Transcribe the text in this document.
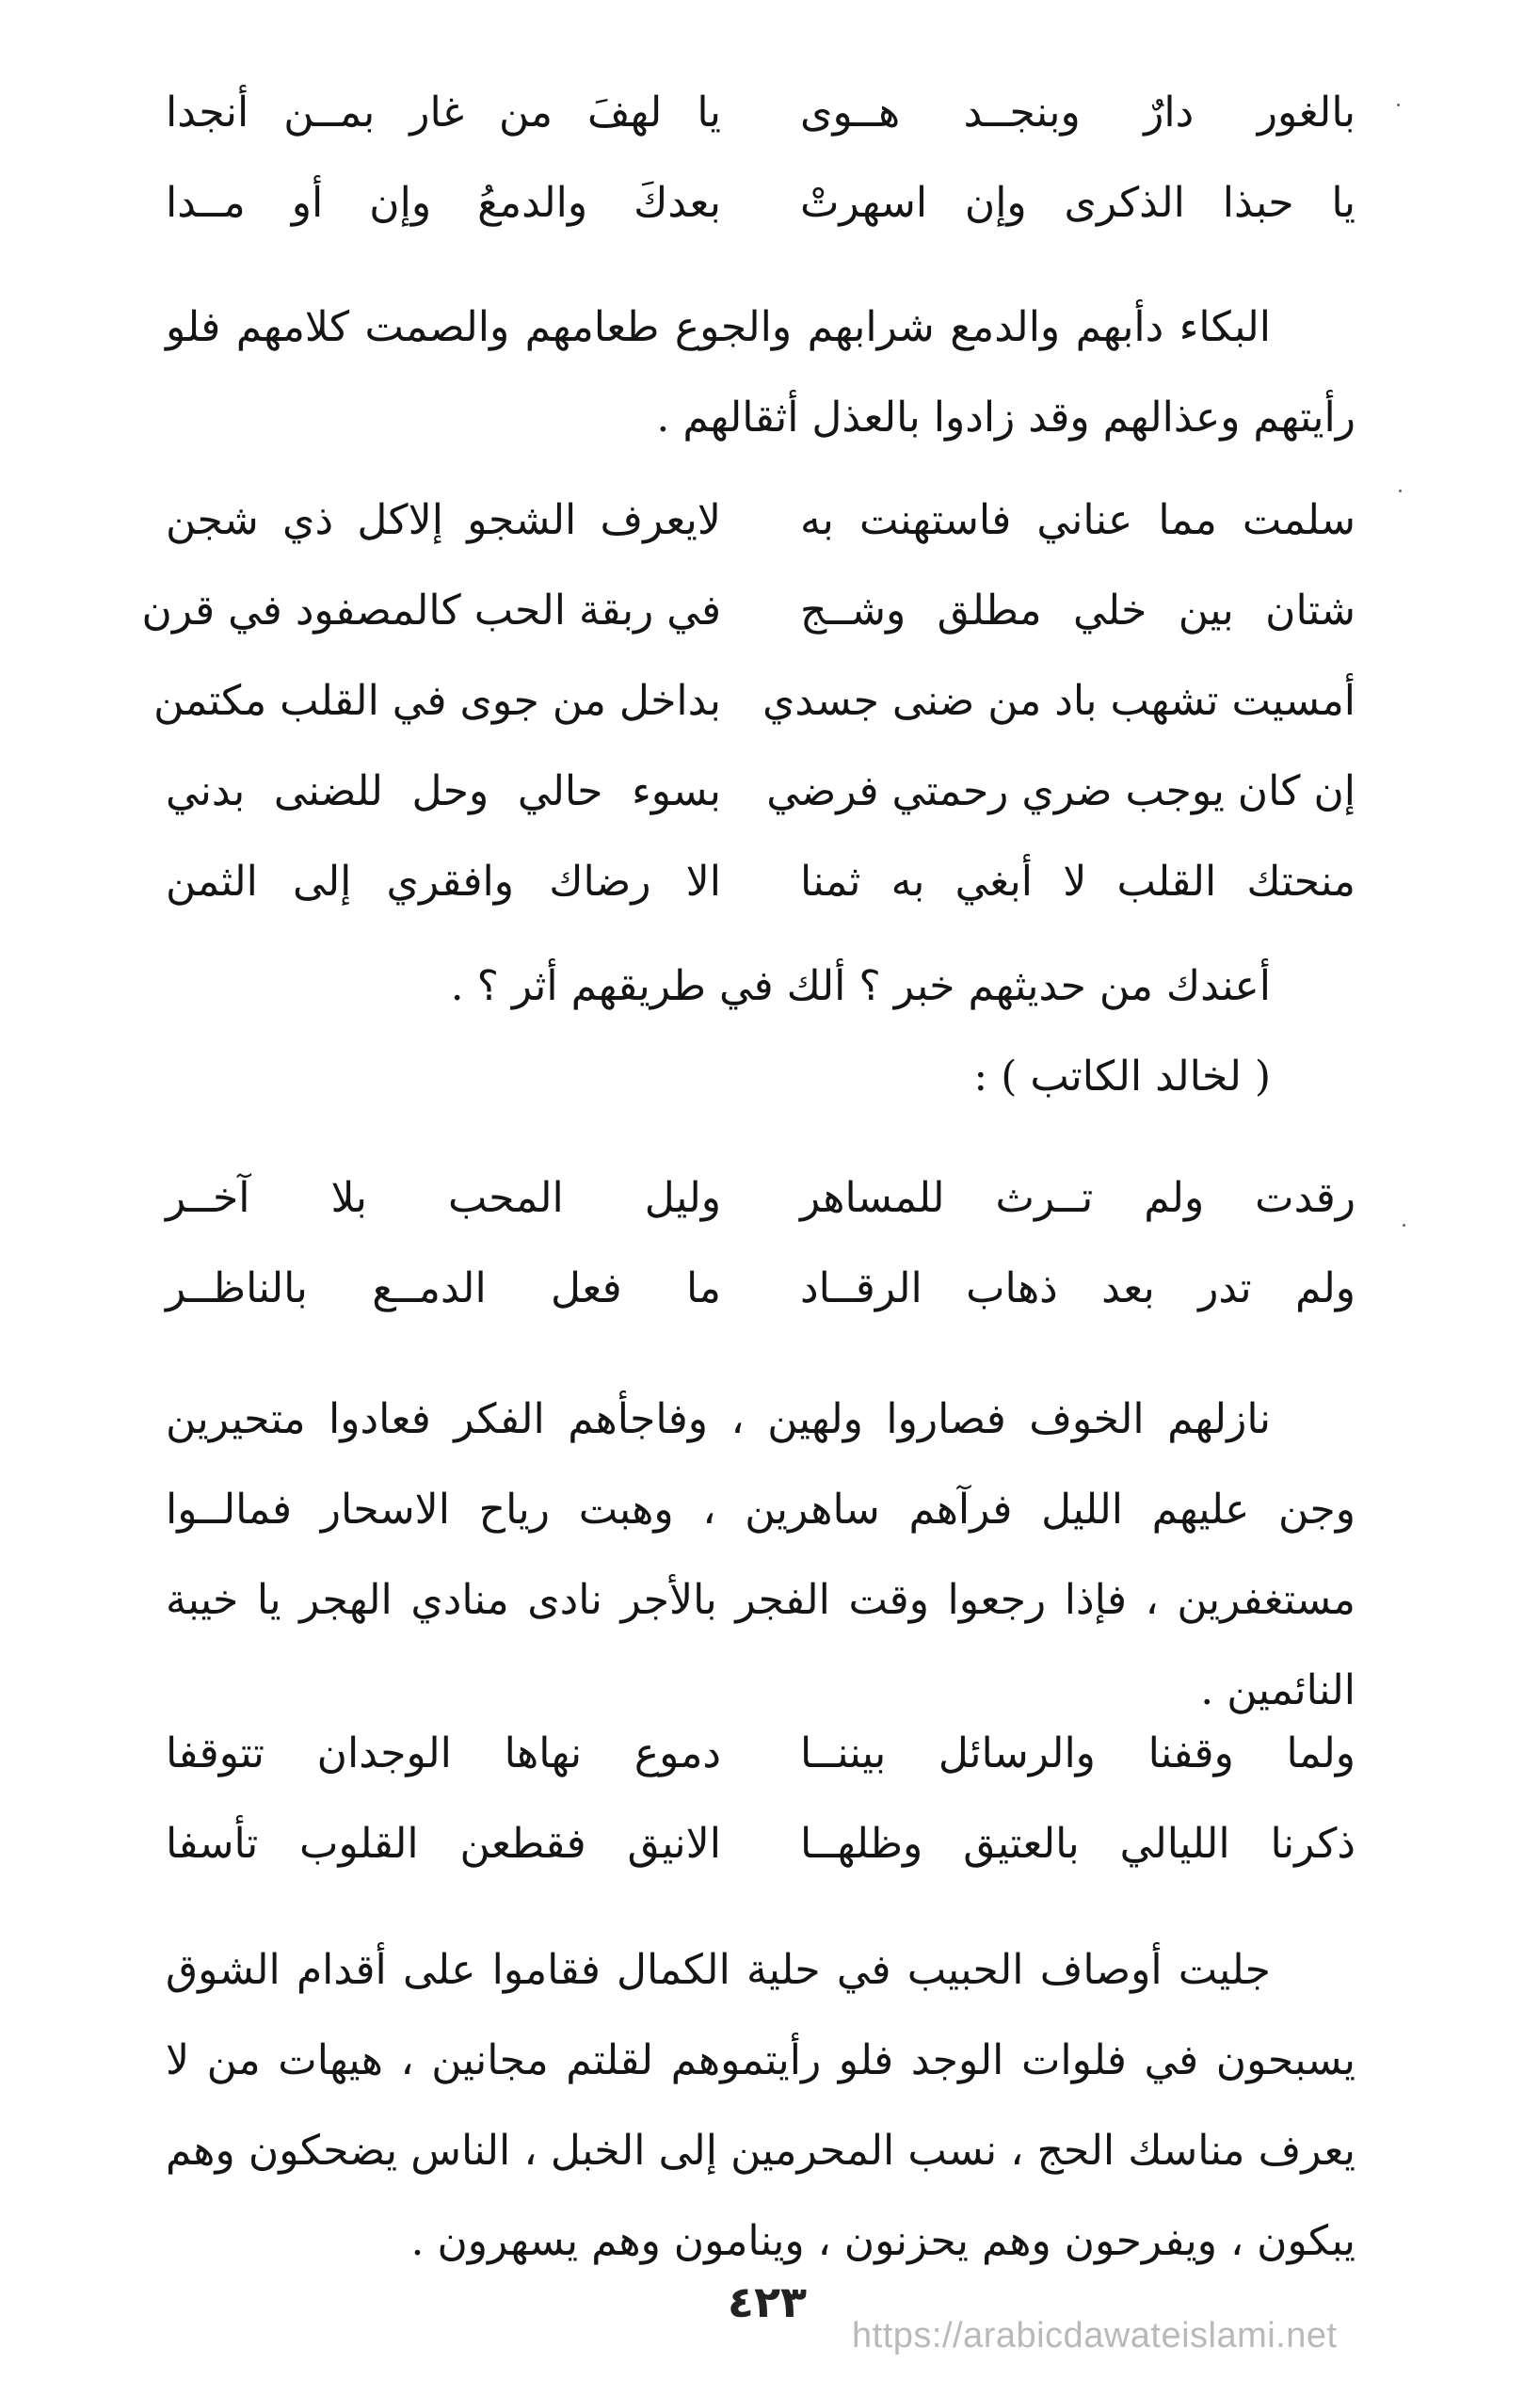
بالغور دارٌ وبنجــد هــوى
يا لهفَ من غار بمــن أنجدا
يا حبذا الذكرى وإن اسهرتْ
بعدكَ والدمعُ وإن أو مــدا

البكاء دأبهم والدمع شرابهم والجوع طعامهم والصمت كلامهم فلو رأيتهم وعذالهم وقد زادوا بالعذل أثقالهم .

سلمت مما عناني فاستهنت به
لايعرف الشجو إلاكل ذي شجن
شتان بين خلي مطلق وشــج
في ربقة الحب كالمصفود في قرن
أمسيت تشهب باد من ضنى جسدي
بداخل من جوى في القلب مكتمن
إن كان يوجب ضري رحمتي فرضي
بسوء حالي وحل للضنى بدني
منحتك القلب لا أبغي به ثمنا
الا رضاك وافقري إلى الثمن

أعندك من حديثهم خبر ؟ ألك في طريقهم أثر ؟ .

( لخالد الكاتب ) :

رقدت ولم تــرث للمساهر
وليل المحب بلا آخــر
ولم تدر بعد ذهاب الرقــاد
ما فعل الدمــع بالناظــر

نازلهم الخوف فصاروا ولهين ، وفاجأهم الفكر فعادوا متحيرين وجن عليهم الليل فرآهم ساهرين ، وهبت رياح الاسحار فمالــوا مستغفرين ، فإذا رجعوا وقت الفجر بالأجر نادى منادي الهجر يا خيبة النائمين .

ولما وقفنا والرسائل بيننــا
دموع نهاها الوجدان تتوقفا
ذكرنا الليالي بالعتيق وظلهــا
الانيق فقطعن القلوب تأسفا

جليت أوصاف الحبيب في حلية الكمال فقاموا على أقدام الشوق يسبحون في فلوات الوجد فلو رأيتموهم لقلتم مجانين ، هيهات من لا يعرف مناسك الحج ، نسب المحرمين إلى الخبل ، الناس يضحكون وهم يبكون ، ويفرحون وهم يحزنون ، وينامون وهم يسهرون .

٤٢٣
https://arabicdawateislami.net
